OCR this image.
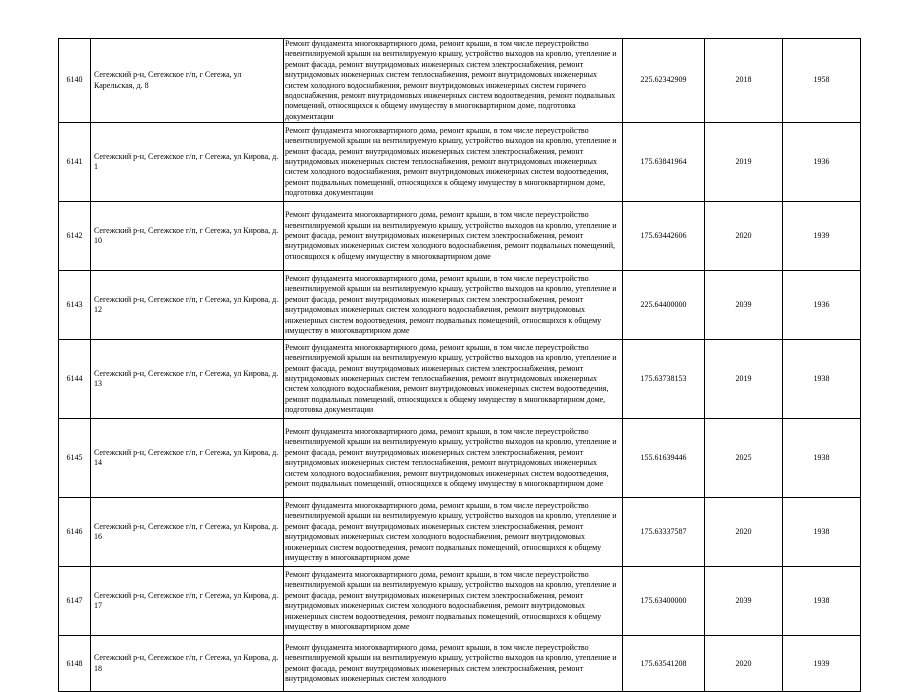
6140	Сегежский р-н, Сегежское г/п, г Сегежа, ул Карельская, д. 8	Ремонт фундамента многоквартирного дома, ремонт крыши, в том числе переустройство невентилируемой крыши на вентилируемую крышу, устройство выходов на кровлю, утепление и ремонт фасада, ремонт внутридомовых инженерных систем электроснабжения, ремонт внутридомовых инженерных систем теплоснабжения, ремонт внутридомовых инженерных систем холодного водоснабжения, ремонт внутридомовых инженерных систем горячего водоснабжения, ремонт внутридомовых инженерных систем водоотведения, ремонт подвальных помещений, относящихся к общему имуществу в многоквартирном доме, подготовка документации	225.62342909	2018	1958
6141	Сегежский р-н, Сегежское г/п, г Сегежа, ул Кирова, д. 1	Ремонт фундамента многоквартирного дома, ремонт крыши, в том числе переустройство невентилируемой крыши на вентилируемую крышу, устройство выходов на кровлю, утепление и ремонт фасада, ремонт внутридомовых инженерных систем электроснабжения, ремонт внутридомовых инженерных систем теплоснабжения, ремонт внутридомовых инженерных систем холодного водоснабжения, ремонт внутридомовых инженерных систем водоотведения, ремонт подвальных помещений, относящихся к общему имуществу в многоквартирном доме, подготовка документации	175.63841964	2019	1936
6142	Сегежский р-н, Сегежское г/п, г Сегежа, ул Кирова, д. 10	Ремонт фундамента многоквартирного дома, ремонт крыши, в том числе переустройство невентилируемой крыши на вентилируемую крышу, устройство выходов на кровлю, утепление и ремонт фасада, ремонт внутридомовых инженерных систем электроснабжения, ремонт внутридомовых инженерных систем холодного водоснабжения, ремонт подвальных помещений, относящихся к общему имуществу в многоквартирном доме	175.63442606	2020	1939
6143	Сегежский р-н, Сегежское г/п, г Сегежа, ул Кирова, д. 12	Ремонт фундамента многоквартирного дома, ремонт крыши, в том числе переустройство невентилируемой крыши на вентилируемую крышу, устройство выходов на кровлю, утепление и ремонт фасада, ремонт внутридомовых инженерных систем электроснабжения, ремонт внутридомовых инженерных систем холодного водоснабжения, ремонт внутридомовых инженерных систем водоотведения, ремонт подвальных помещений, относящихся к общему имуществу в многоквартирном доме	225.64400000	2039	1936
6144	Сегежский р-н, Сегежское г/п, г Сегежа, ул Кирова, д. 13	Ремонт фундамента многоквартирного дома, ремонт крыши, в том числе переустройство невентилируемой крыши на вентилируемую крышу, устройство выходов на кровлю, утепление и ремонт фасада, ремонт внутридомовых инженерных систем электроснабжения, ремонт внутридомовых инженерных систем теплоснабжения, ремонт внутридомовых инженерных систем холодного водоснабжения, ремонт внутридомовых инженерных систем водоотведения, ремонт подвальных помещений, относящихся к общему имуществу в многоквартирном доме, подготовка документации	175.63738153	2019	1938
6145	Сегежский р-н, Сегежское г/п, г Сегежа, ул Кирова, д. 14	Ремонт фундамента многоквартирного дома, ремонт крыши, в том числе переустройство невентилируемой крыши на вентилируемую крышу, устройство выходов на кровлю, утепление и ремонт фасада, ремонт внутридомовых инженерных систем электроснабжения, ремонт внутридомовых инженерных систем теплоснабжения, ремонт внутридомовых инженерных систем холодного водоснабжения, ремонт внутридомовых инженерных систем водоотведения, ремонт подвальных помещений, относящихся к общему имуществу в многоквартирном доме	155.61639446	2025	1938
6146	Сегежский р-н, Сегежское г/п, г Сегежа, ул Кирова, д. 16	Ремонт фундамента многоквартирного дома, ремонт крыши, в том числе переустройство невентилируемой крыши на вентилируемую крышу, устройство выходов на кровлю, утепление и ремонт фасада, ремонт внутридомовых инженерных систем электроснабжения, ремонт внутридомовых инженерных систем холодного водоснабжения, ремонт внутридомовых инженерных систем водоотведения, ремонт подвальных помещений, относящихся к общему имуществу в многоквартирном доме	175.63337587	2020	1938
6147	Сегежский р-н, Сегежское г/п, г Сегежа, ул Кирова, д. 17	Ремонт фундамента многоквартирного дома, ремонт крыши, в том числе переустройство невентилируемой крыши на вентилируемую крышу, устройство выходов на кровлю, утепление и ремонт фасада, ремонт внутридомовых инженерных систем электроснабжения, ремонт внутридомовых инженерных систем холодного водоснабжения, ремонт внутридомовых инженерных систем водоотведения, ремонт подвальных помещений, относящихся к общему имуществу в многоквартирном доме	175.63400000	2039	1938
6148	Сегежский р-н, Сегежское г/п, г Сегежа, ул Кирова, д. 18	Ремонт фундамента многоквартирного дома, ремонт крыши, в том числе переустройство невентилируемой крыши на вентилируемую крышу, устройство выходов на кровлю, утепление и ремонт фасада, ремонт внутридомовых инженерных систем электроснабжения, ремонт внутридомовых инженерных систем холодного	175.63541208	2020	1939
